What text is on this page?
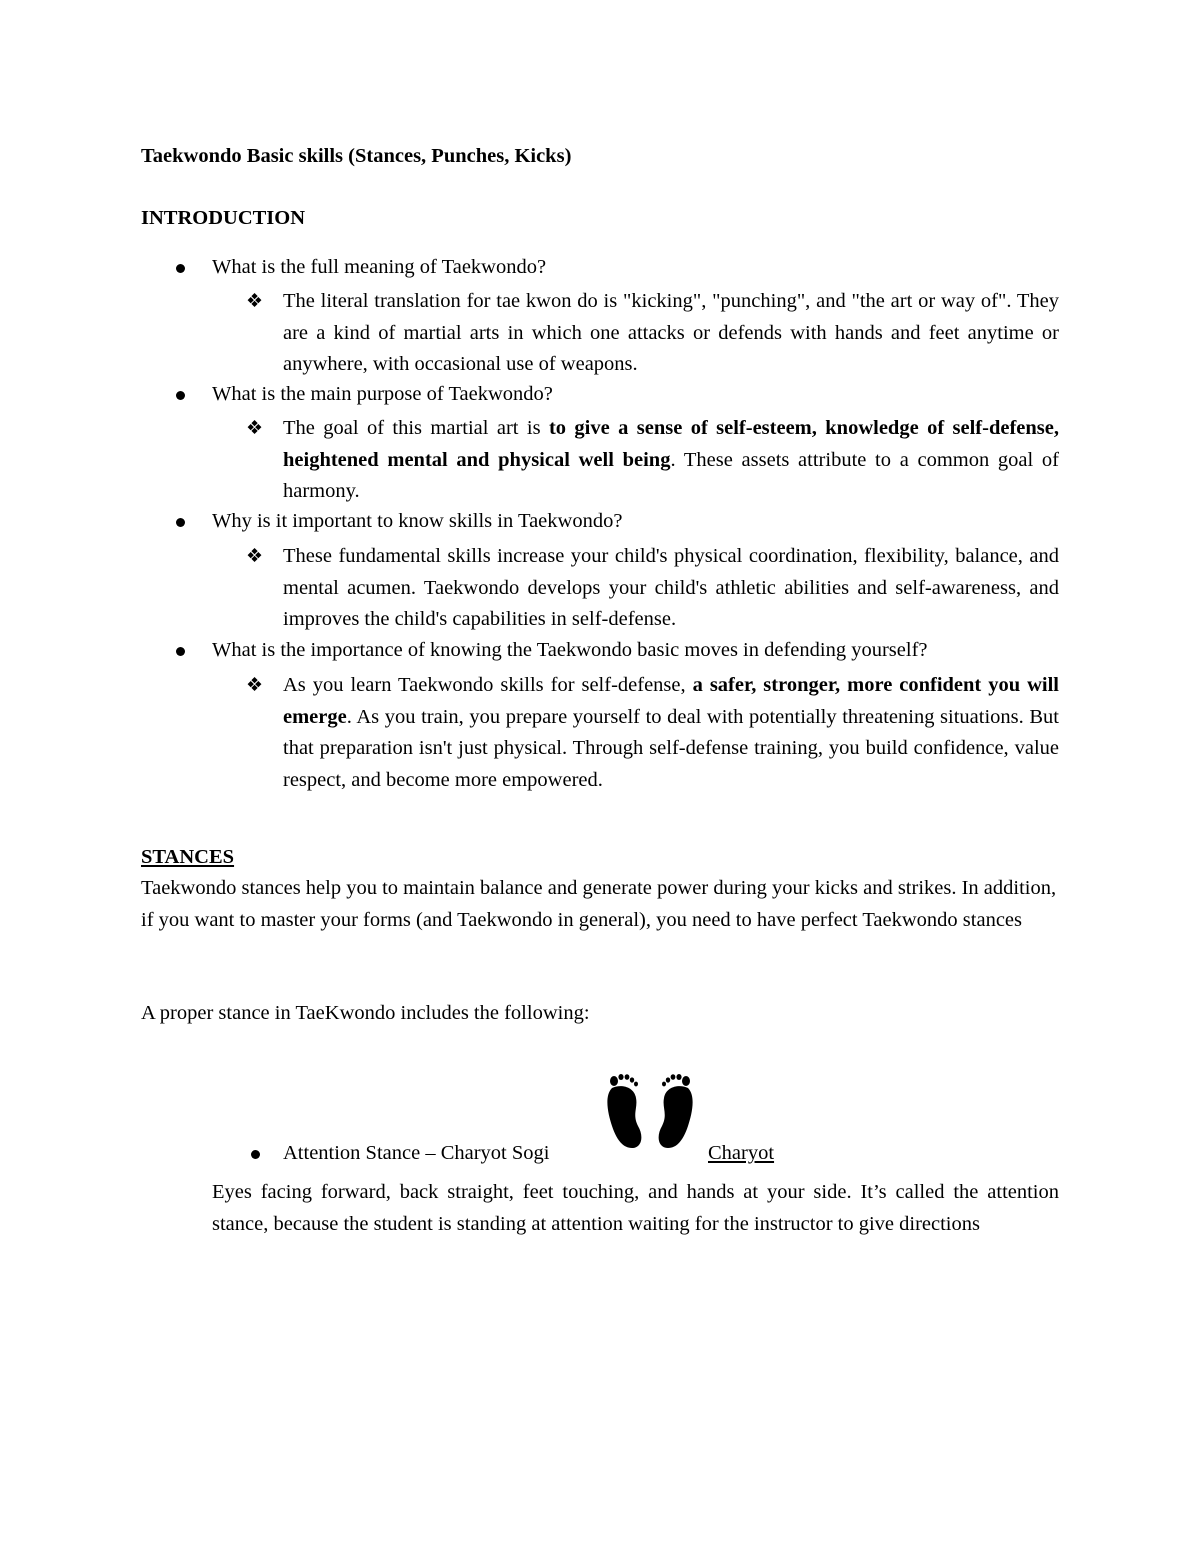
Taekwondo Basic skills (Stances, Punches, Kicks)
INTRODUCTION
What is the full meaning of Taekwondo?
❖ The literal translation for tae kwon do is "kicking", "punching", and "the art or way of". They are a kind of martial arts in which one attacks or defends with hands and feet anytime or anywhere, with occasional use of weapons.
What is the main purpose of Taekwondo?
❖ The goal of this martial art is to give a sense of self-esteem, knowledge of self-defense, heightened mental and physical well being. These assets attribute to a common goal of harmony.
Why is it important to know skills in Taekwondo?
❖ These fundamental skills increase your child's physical coordination, flexibility, balance, and mental acumen. Taekwondo develops your child's athletic abilities and self-awareness, and improves the child's capabilities in self-defense.
What is the importance of knowing the Taekwondo basic moves in defending yourself?
❖ As you learn Taekwondo skills for self-defense, a safer, stronger, more confident you will emerge. As you train, you prepare yourself to deal with potentially threatening situations. But that preparation isn't just physical. Through self-defense training, you build confidence, value respect, and become more empowered.
STANCES
Taekwondo stances help you to maintain balance and generate power during your kicks and strikes. In addition, if you want to master your forms (and Taekwondo in general), you need to have perfect Taekwondo stances
A proper stance in TaeKwondo includes the following:
Attention Stance – Charyot Sogi	Charyot
Eyes facing forward, back straight, feet touching, and hands at your side. It’s called the attention stance, because the student is standing at attention waiting for the instructor to give directions
